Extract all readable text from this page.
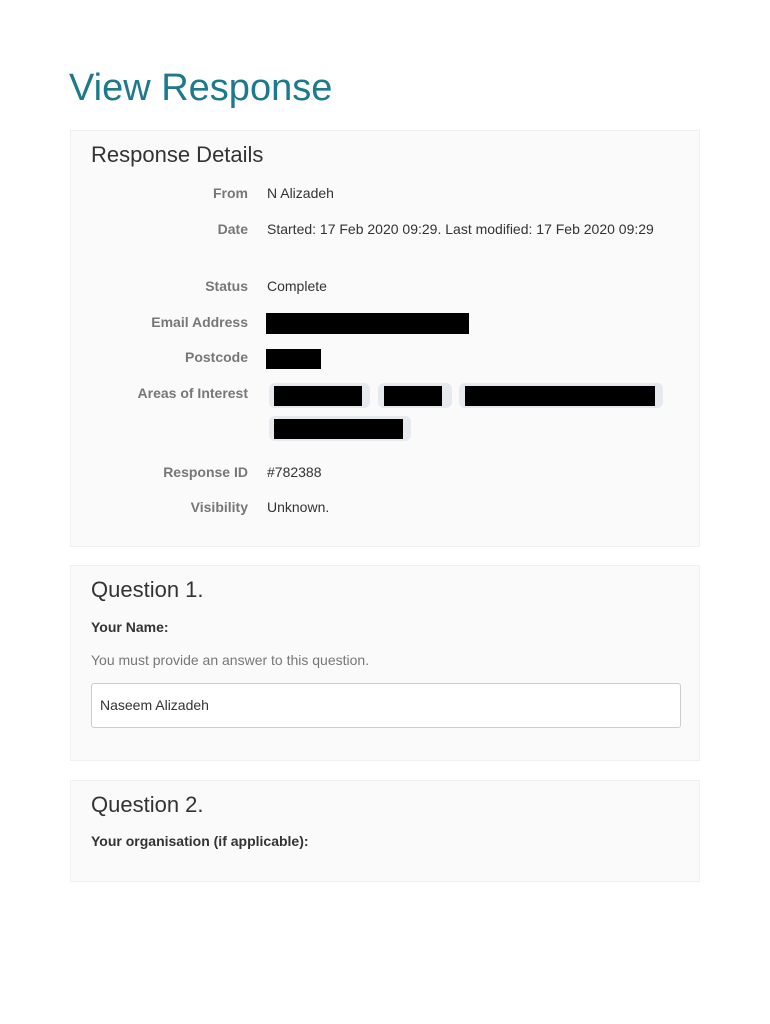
View Response
Response Details
From N Alizadeh
Date Started: 17 Feb 2020 09:29. Last modified: 17 Feb 2020 09:29
Status Complete
Email Address
Postcode
Areas of Interest
Response ID #782388
Visibility Unknown.
Question 1.
Your Name:
You must provide an answer to this question.
Naseem Alizadeh
Question 2.
Your organisation (if applicable):
